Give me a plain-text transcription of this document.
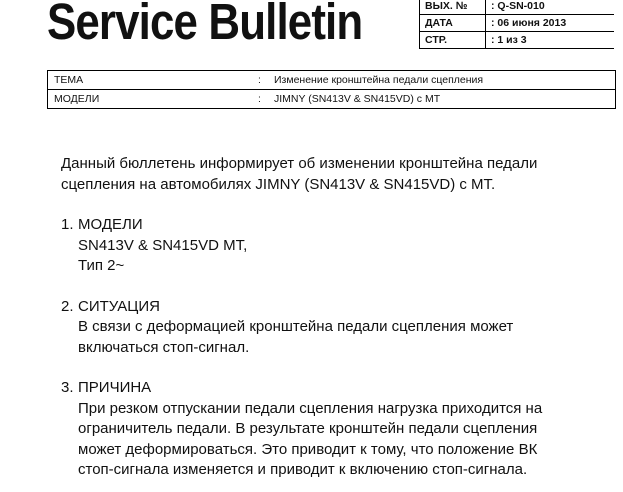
Service Bulletin	ВЫХ. №	: Q-SN-010
ДАТА	: 06 июня 2013
СТР.	: 1 из 3
ТЕМА	:	Изменение кронштейна педали сцепления
МОДЕЛИ	:	JIMNY (SN413V & SN415VD) с МТ
Данный бюллетень информирует об изменении кронштейна педали
сцепления на автомобилях JIMNY (SN413V & SN415VD) с МТ.
1. МОДЕЛИ
SN413V & SN415VD MT,
Тип 2~
2. СИТУАЦИЯ
В связи с деформацией кронштейна педали сцепления может
включаться стоп-сигнал.
3. ПРИЧИНА
При резком отпускании педали сцепления нагрузка приходится на
ограничитель педали. В результате кронштейн педали сцепления
может деформироваться. Это приводит к тому, что положение ВК
стоп-сигнала изменяется и приводит к включению стоп-сигнала.
